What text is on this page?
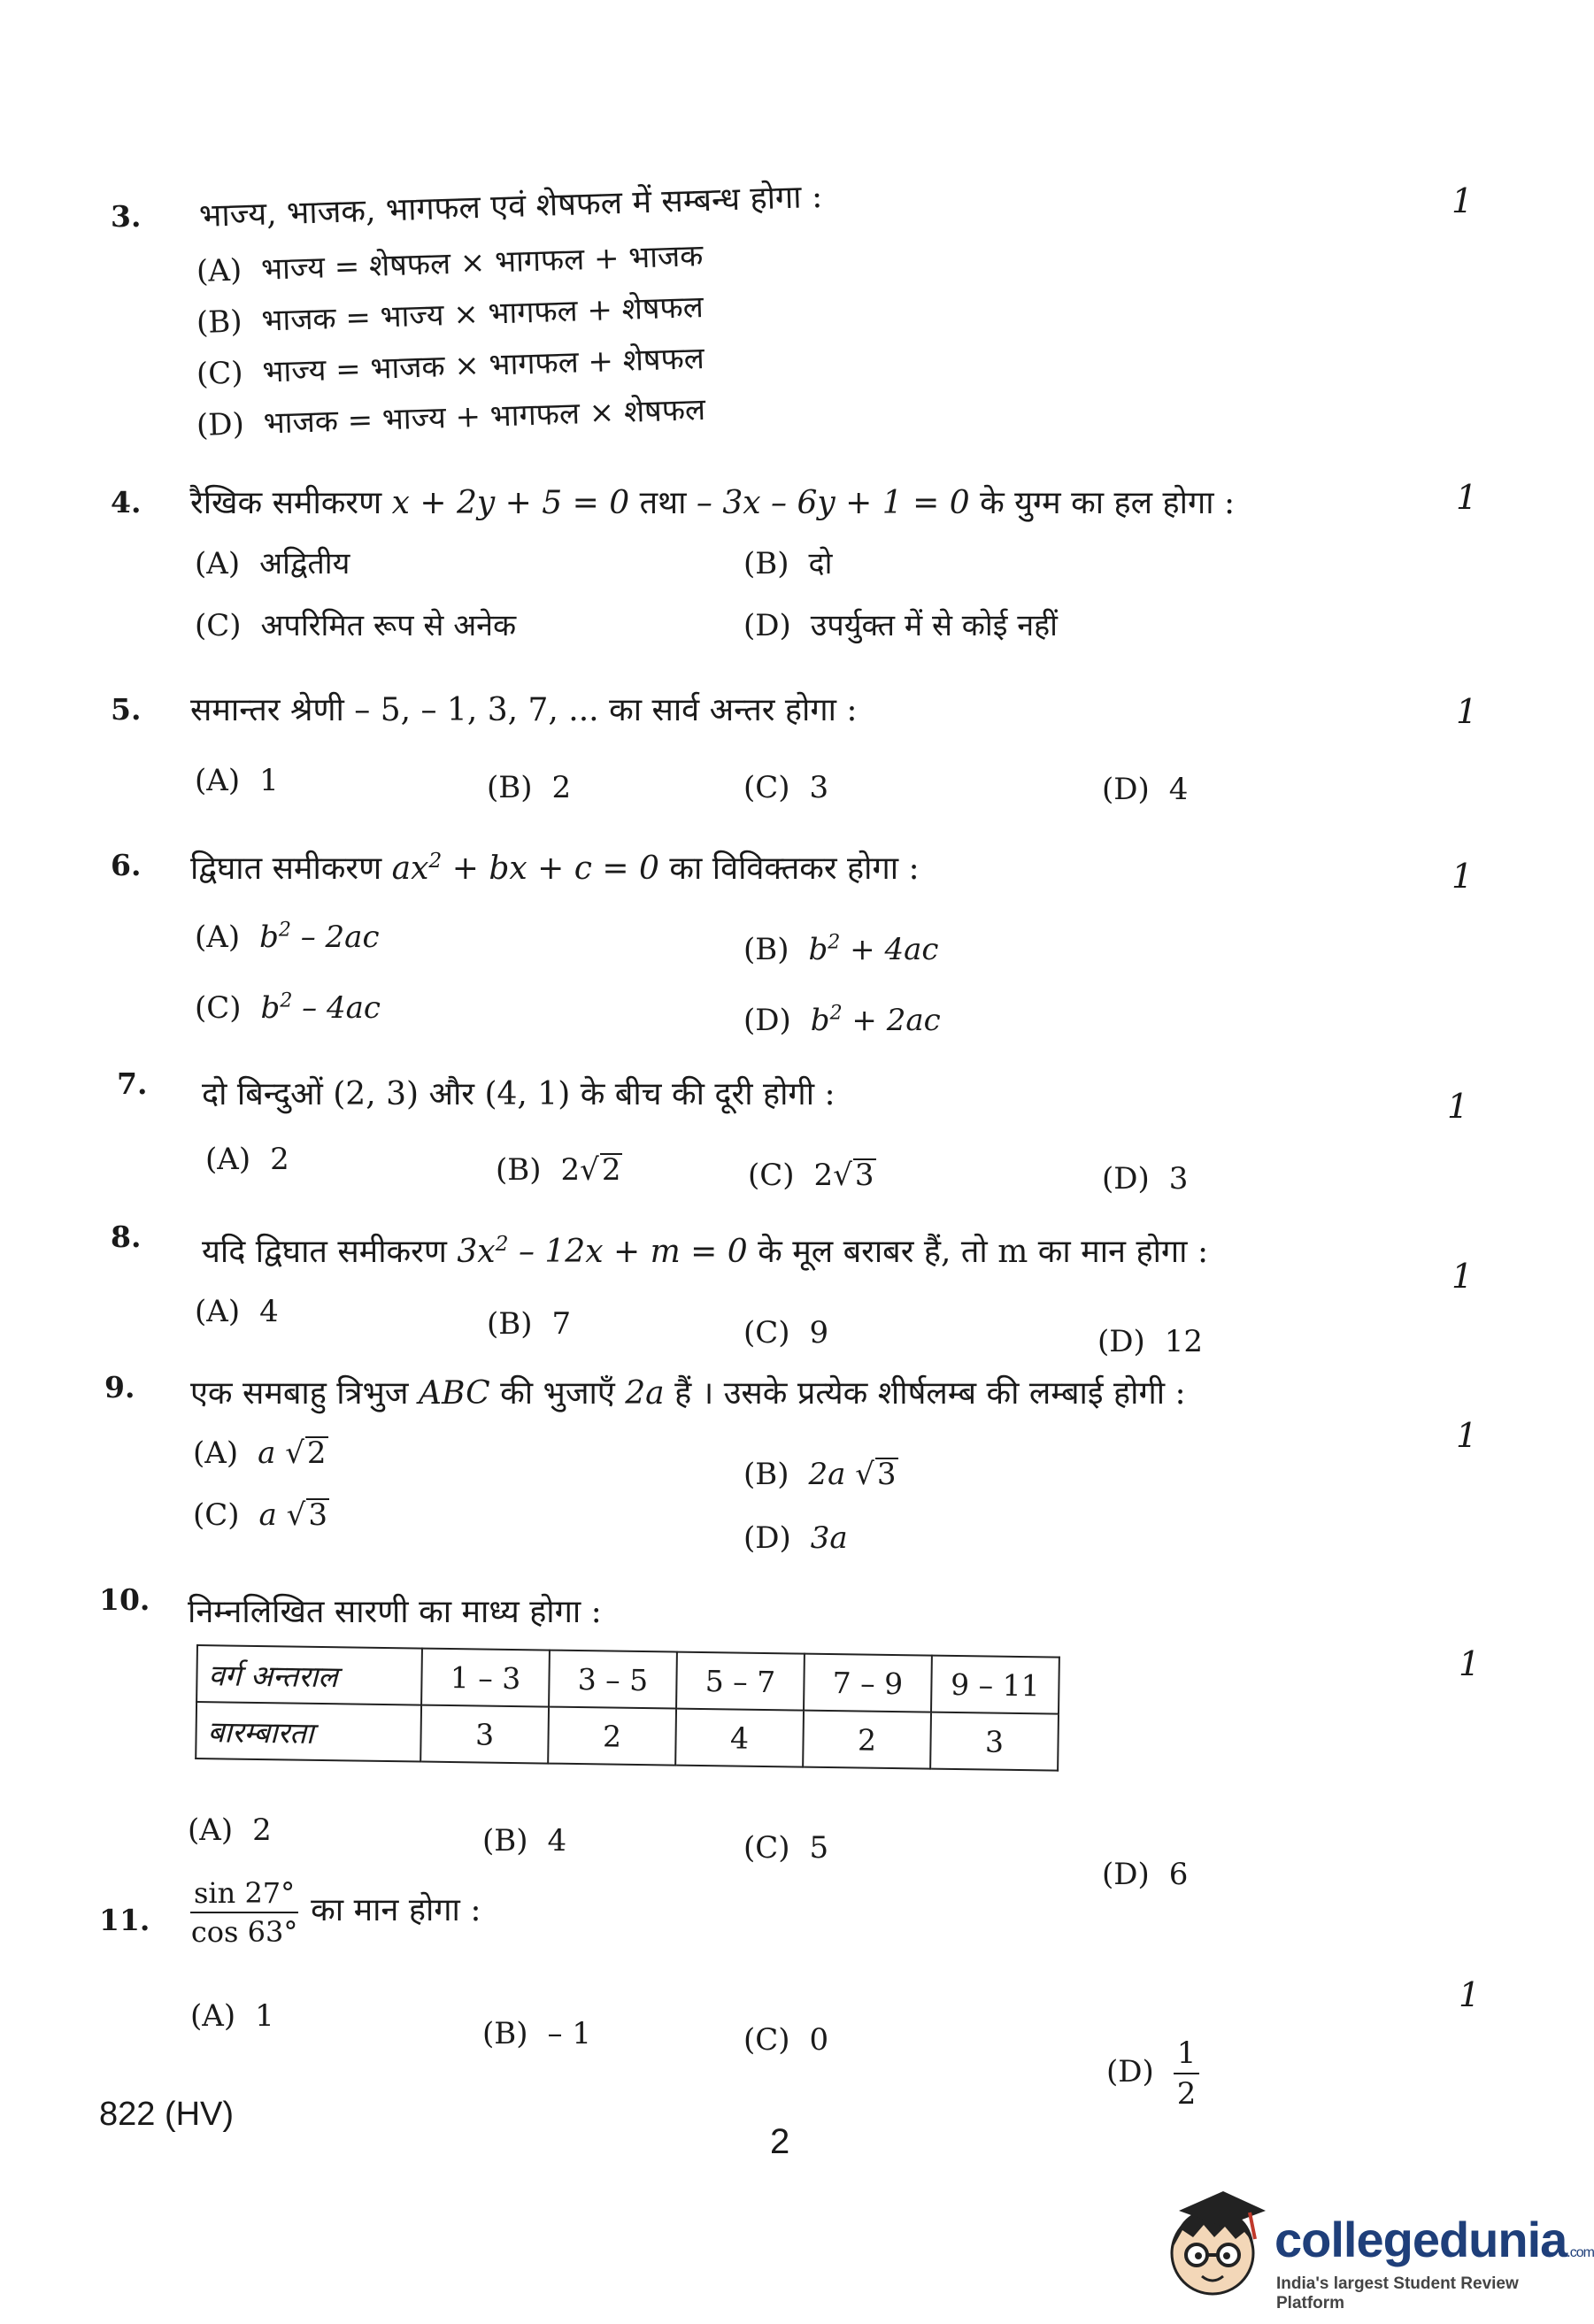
3. भाज्य, भाजक, भागफल एवं शेषफल में सम्बन्ध होगा :	1
(A) भाज्य = शेषफल × भागफल + भाजक
(B) भाजक = भाज्य × भागफल + शेषफल
(C) भाज्य = भाजक × भागफल + शेषफल
(D) भाजक = भाज्य + भागफल × शेषफल
4. रैखिक समीकरण x + 2y + 5 = 0 तथा – 3x – 6y + 1 = 0 के युग्म का हल होगा :	1
(A) अद्वितीय	(B) दो
(C) अपरिमित रूप से अनेक	(D) उपर्युक्त में से कोई नहीं
5. समान्तर श्रेणी – 5, – 1, 3, 7, ... का सार्व अन्तर होगा :	1
(A) 1	(B) 2	(C) 3	(D) 4
6. द्विघात समीकरण $ax^2$ + bx + c = 0 का विविक्तकर होगा :	1
(A) $b^2 - 2ac$	(B) $b^2 + 4ac$
(C) $b^2 - 4ac$	(D) $b^2 + 2ac$
7. दो बिन्दुओं (2, 3) और (4, 1) के बीच की दूरी होगी :	1
(A) 2	(B) 2√2	(C) 2√3	(D) 3
8. यदि द्विघात समीकरण $3x^2 - 12x + m = 0$ के मूल बराबर हैं, तो m का मान होगा :
1
(A) 4	(B) 7	(C) 9	(D) 12
9. एक समबाहु त्रिभुज ABC की भुजाएँ 2a हैं । उसके प्रत्येक शीर्षलम्ब की लम्बाई होगी :
1
(A) a √2
(B) 2a √3
(C) a √3
(D) 3a
10. निम्नलिखित सारणी का माध्य होगा :
1
वर्ग अन्तराल	1 – 3	3 – 5	5 – 7	7 – 9	9 – 11
बारम्बारता	3	2	4	2	3
(A) 2	(B) 4	(C) 5
(D) 6
11. $\frac{\sin 27^\circ}{\cos 63^\circ}$ का मान होगा :
1
(A) 1	(B) – 1	(C) 0
$(D) \frac{1}{2}$
822 (HV)
2
collegedunia.com
India's largest Student Review Platform
